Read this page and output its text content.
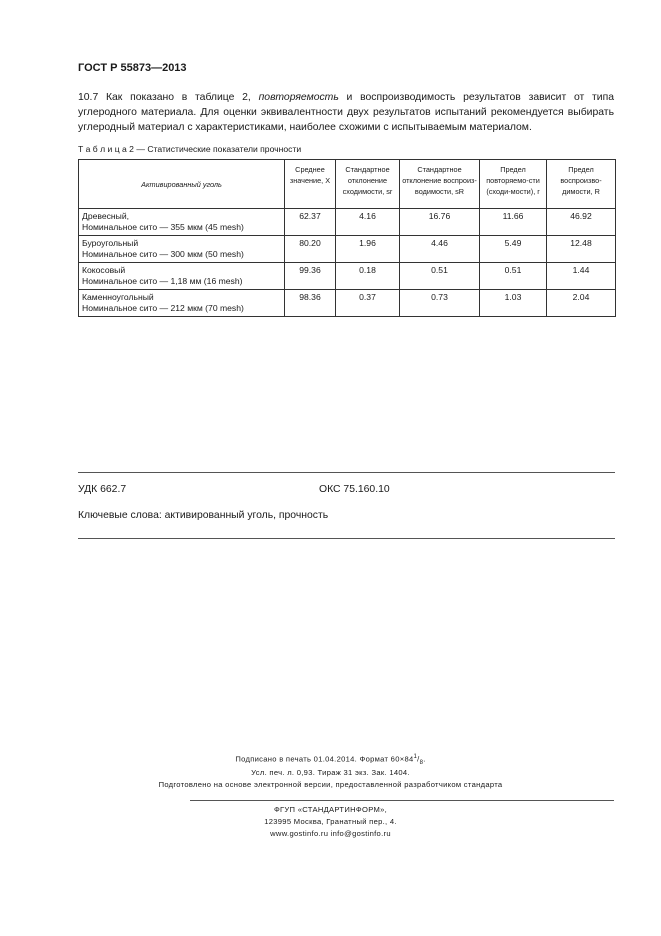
ГОСТ Р 55873—2013
10.7 Как показано в таблице 2, повторяемость и воспроизводимость результатов зависит от типа углеродного материала. Для оценки эквивалентности двух результатов испытаний рекомендуется выбирать углеродный материал с характеристиками, наиболее схожими с испытываемым материалом.
Т а б л и ц а 2 — Статистические показатели прочности
Активированный уголь	Среднее значение, X	Стандартное отклонение сходимости, sr	Стандартное отклонение воспроиз-водимости, sR	Предел повторяемо-сти (сходи-мости), r	Предел воспроизво-димости, R

Древесный,
Номинальное сито — 355 мкм (45 mesh)	62.37	4.16	16.76	11.66	46.92

Буроугольный
Номинальное сито — 300 мкм (50 mesh)	80.20	1.96	4.46	5.49	12.48

Кокосовый
Номинальное сито — 1,18 мм (16 mesh)	99.36	0.18	0.51	0.51	1.44

Каменноугольный
Номинальное сито — 212 мкм (70 mesh)	98.36	0.37	0.73	1.03	2.04
УДК 662.7	ОКС 75.160.10
Ключевые слова: активированный уголь, прочность
Подписано в печать 01.04.2014. Формат $60\times 84^1/_8$.
Усл. печ. л. 0,93. Тираж 31 экз. Зак. 1404.
Подготовлено на основе электронной версии, предоставленной разработчиком стандарта
ФГУП «СТАНДАРТИНФОРМ»,
123995 Москва, Гранатный пер., 4.
www.gostinfo.ru info@gostinfo.ru
